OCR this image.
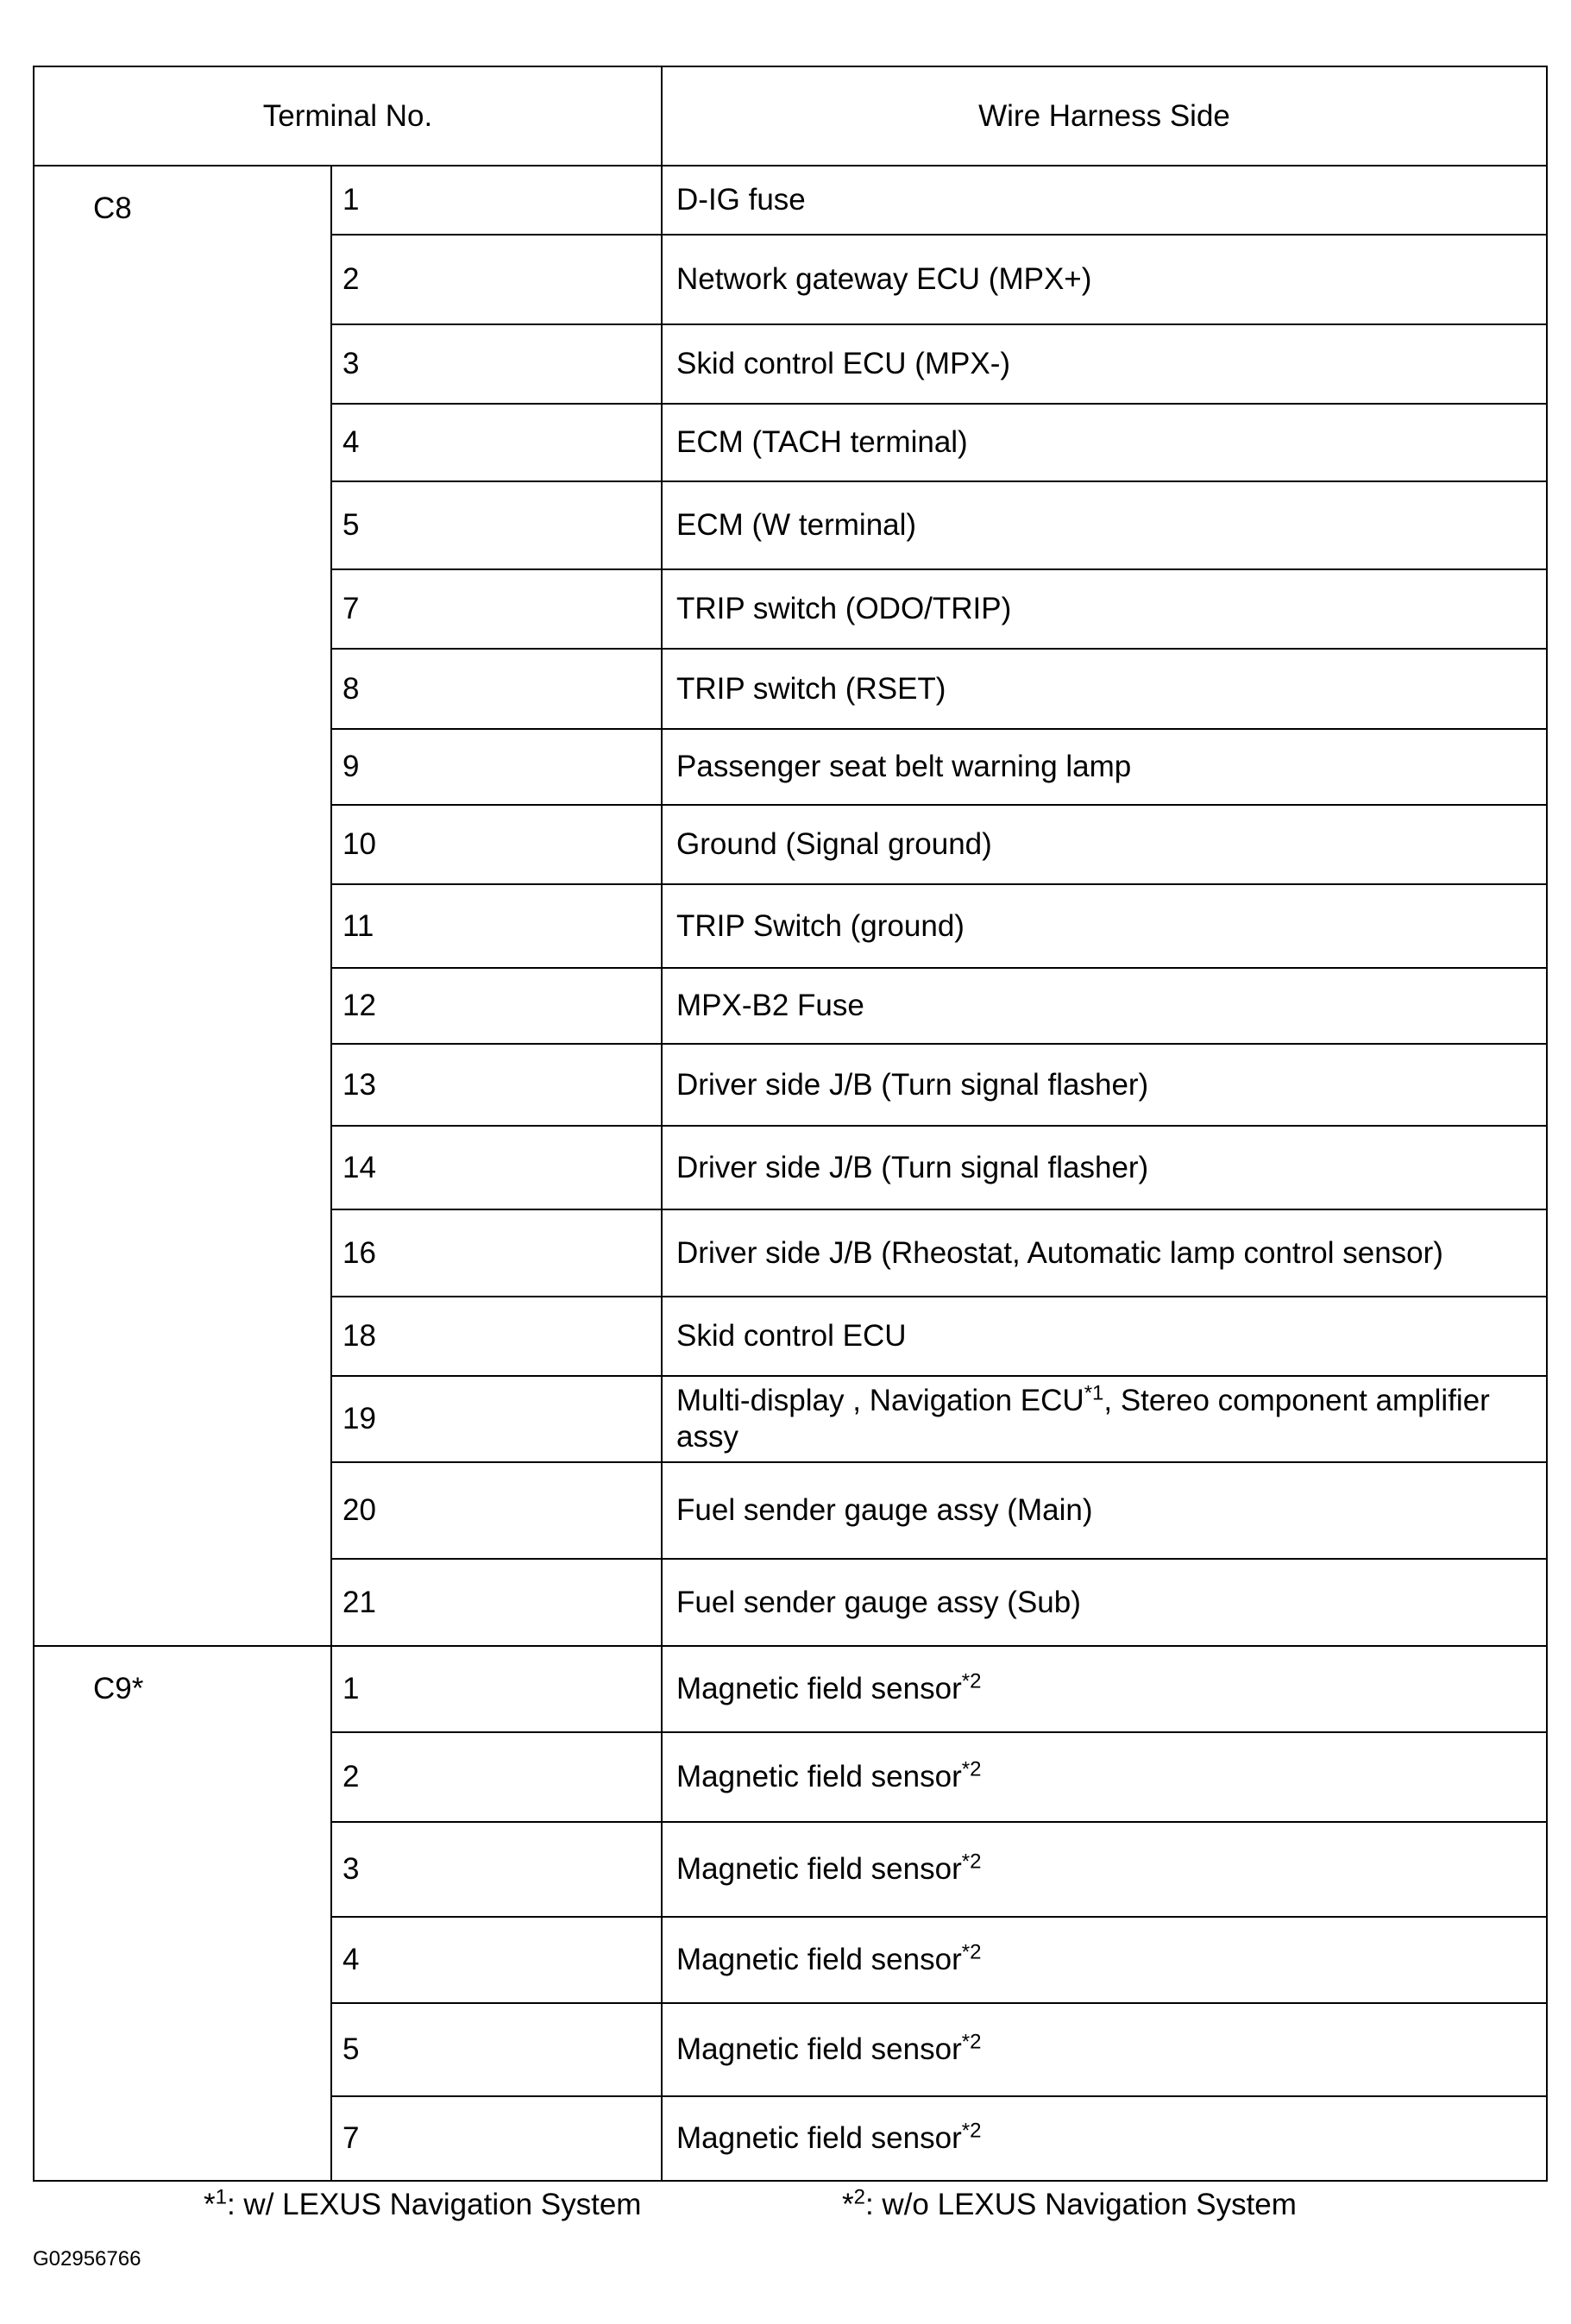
Terminal No.		Wire Harness Side
C8	1	D-IG fuse
	2	Network gateway ECU (MPX+)
	3	Skid control ECU (MPX-)
	4	ECM (TACH terminal)
	5	ECM (W terminal)
	7	TRIP switch (ODO/TRIP)
	8	TRIP switch (RSET)
	9	Passenger seat belt warning lamp
	10	Ground (Signal ground)
	11	TRIP Switch (ground)
	12	MPX-B2 Fuse
	13	Driver side J/B (Turn signal flasher)
	14	Driver side J/B (Turn signal flasher)
	16	Driver side J/B (Rheostat, Automatic lamp control sensor)
	18	Skid control ECU
	19	Multi-display , Navigation ECU$^{*1}$, Stereo component amplifier assy
	20	Fuel sender gauge assy (Main)
	21	Fuel sender gauge assy (Sub)
C9*	1	Magnetic field sensor$^{*2}$
	2	Magnetic field sensor$^{*2}$
	3	Magnetic field sensor$^{*2}$
	4	Magnetic field sensor$^{*2}$
	5	Magnetic field sensor$^{*2}$
	7	Magnetic field sensor$^{*2}$
*$^1$: w/ LEXUS Navigation System	*$^2$: w/o LEXUS Navigation System
G02956766
